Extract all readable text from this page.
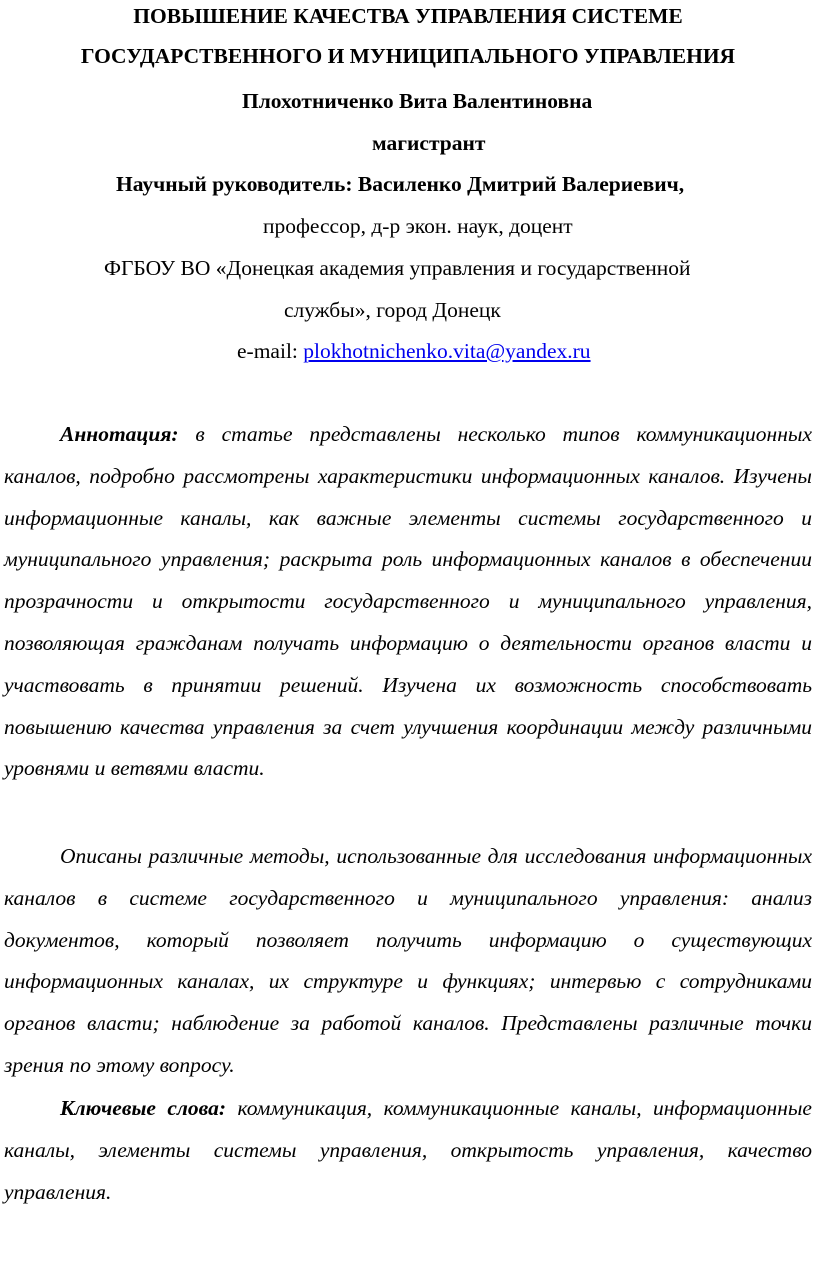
ПОВЫШЕНИЕ КАЧЕСТВА УПРАВЛЕНИЯ СИСТЕМЕ
ГОСУДАРСТВЕННОГО И МУНИЦИПАЛЬНОГО УПРАВЛЕНИЯ
Плохотниченко Вита Валентиновна
магистрант
Научный руководитель: Василенко Дмитрий Валериевич,
профессор, д-р экон. наук, доцент
ФГБОУ ВО «Донецкая академия управления и государственной
службы», город Донецк
e-mail: plokhotnichenko.vita@yandex.ru
Аннотация: в статье представлены несколько типов коммуникационных каналов, подробно рассмотрены характеристики информационных каналов. Изучены информационные каналы, как важные элементы системы государственного и муниципального управления; раскрыта роль информационных каналов в обеспечении прозрачности и открытости государственного и муниципального управления, позволяющая гражданам получать информацию о деятельности органов власти и участвовать в принятии решений. Изучена их возможность способствовать повышению качества управления за счет улучшения координации между различными уровнями и ветвями власти.
Описаны различные методы, использованные для исследования информационных каналов в системе государственного и муниципального управления: анализ документов, который позволяет получить информацию о существующих информационных каналах, их структуре и функциях; интервью с сотрудниками органов власти; наблюдение за работой каналов. Представлены различные точки зрения по этому вопросу.
Ключевые слова: коммуникация, коммуникационные каналы, информационные каналы, элементы системы управления, открытость управления, качество управления.
